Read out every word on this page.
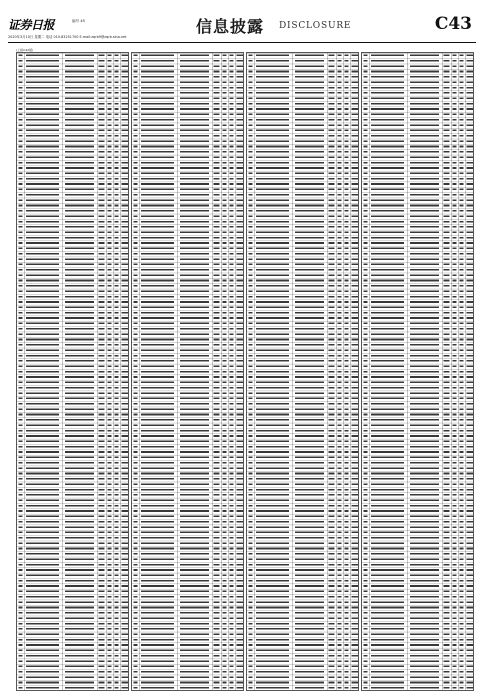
证券日报	编号 45
2020年3月10日 星期二 电话 010-83251700 E-mail:zqrb9@zqrb.sina.net
信息披露 DISCLOSURE	C43
(上接C42版)
